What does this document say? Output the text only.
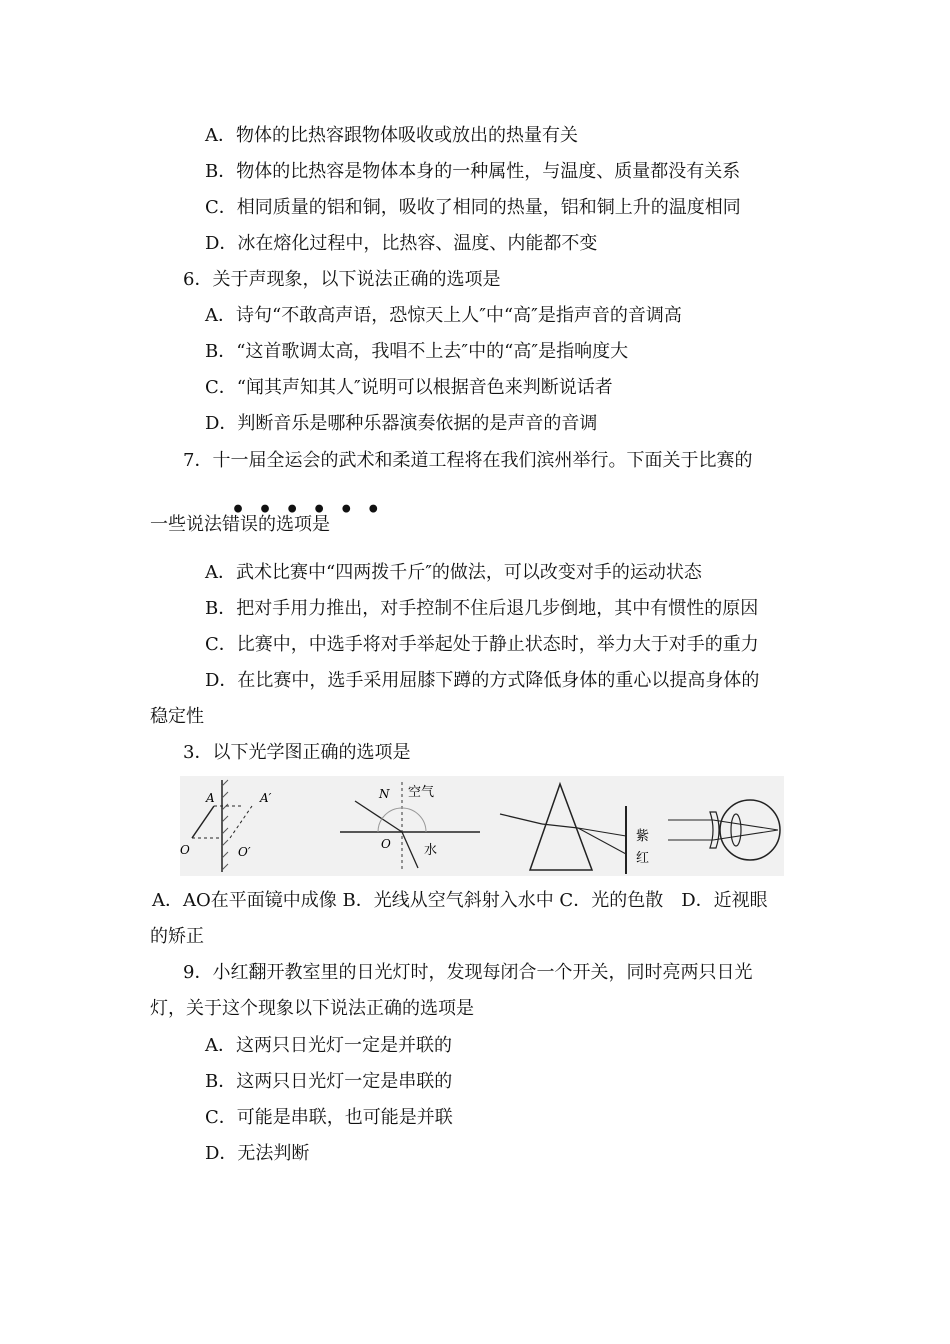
A．物体的比热容跟物体吸收或放出的热量有关
B．物体的比热容是物体本身的一种属性，与温度、质量都没有关系
C．相同质量的铝和铜，吸收了相同的热量，铝和铜上升的温度相同
D．冰在熔化过程中，比热容、温度、内能都不变
6．关于声现象，以下说法正确的选项是
A．诗句“不敢高声语，恐惊天上人″中“高″是指声音的音调高
B．“这首歌调太高，我唱不上去″中的“高″是指响度大
C．“闻其声知其人″说明可以根据音色来判断说话者
D．判断音乐是哪种乐器演奏依据的是声音的音调
7．十一届全运会的武术和柔道工程将在我们滨州举行。下面关于比赛的
••••••
一些说法错误的选项是
A．武术比赛中“四两拨千斤″的做法，可以改变对手的运动状态
B．把对手用力推出，对手控制不住后退几步倒地，其中有惯性的原因
C．比赛中，中选手将对手举起处于静止状态时，举力大于对手的重力
D．在比赛中，选手采用屈膝下蹲的方式降低身体的重心以提高身体的
稳定性
3．以下光学图正确的选项是
A	A′
O	O′
N 空气
O	水
紫
红
A．AO在平面镜中成像 B．光线从空气斜射入水中 C．光的色散　D．近视眼
的矫正
9．小红翻开教室里的日光灯时，发现每闭合一个开关，同时亮两只日光
灯，关于这个现象以下说法正确的选项是
A．这两只日光灯一定是并联的
B．这两只日光灯一定是串联的
C．可能是串联，也可能是并联
D．无法判断
